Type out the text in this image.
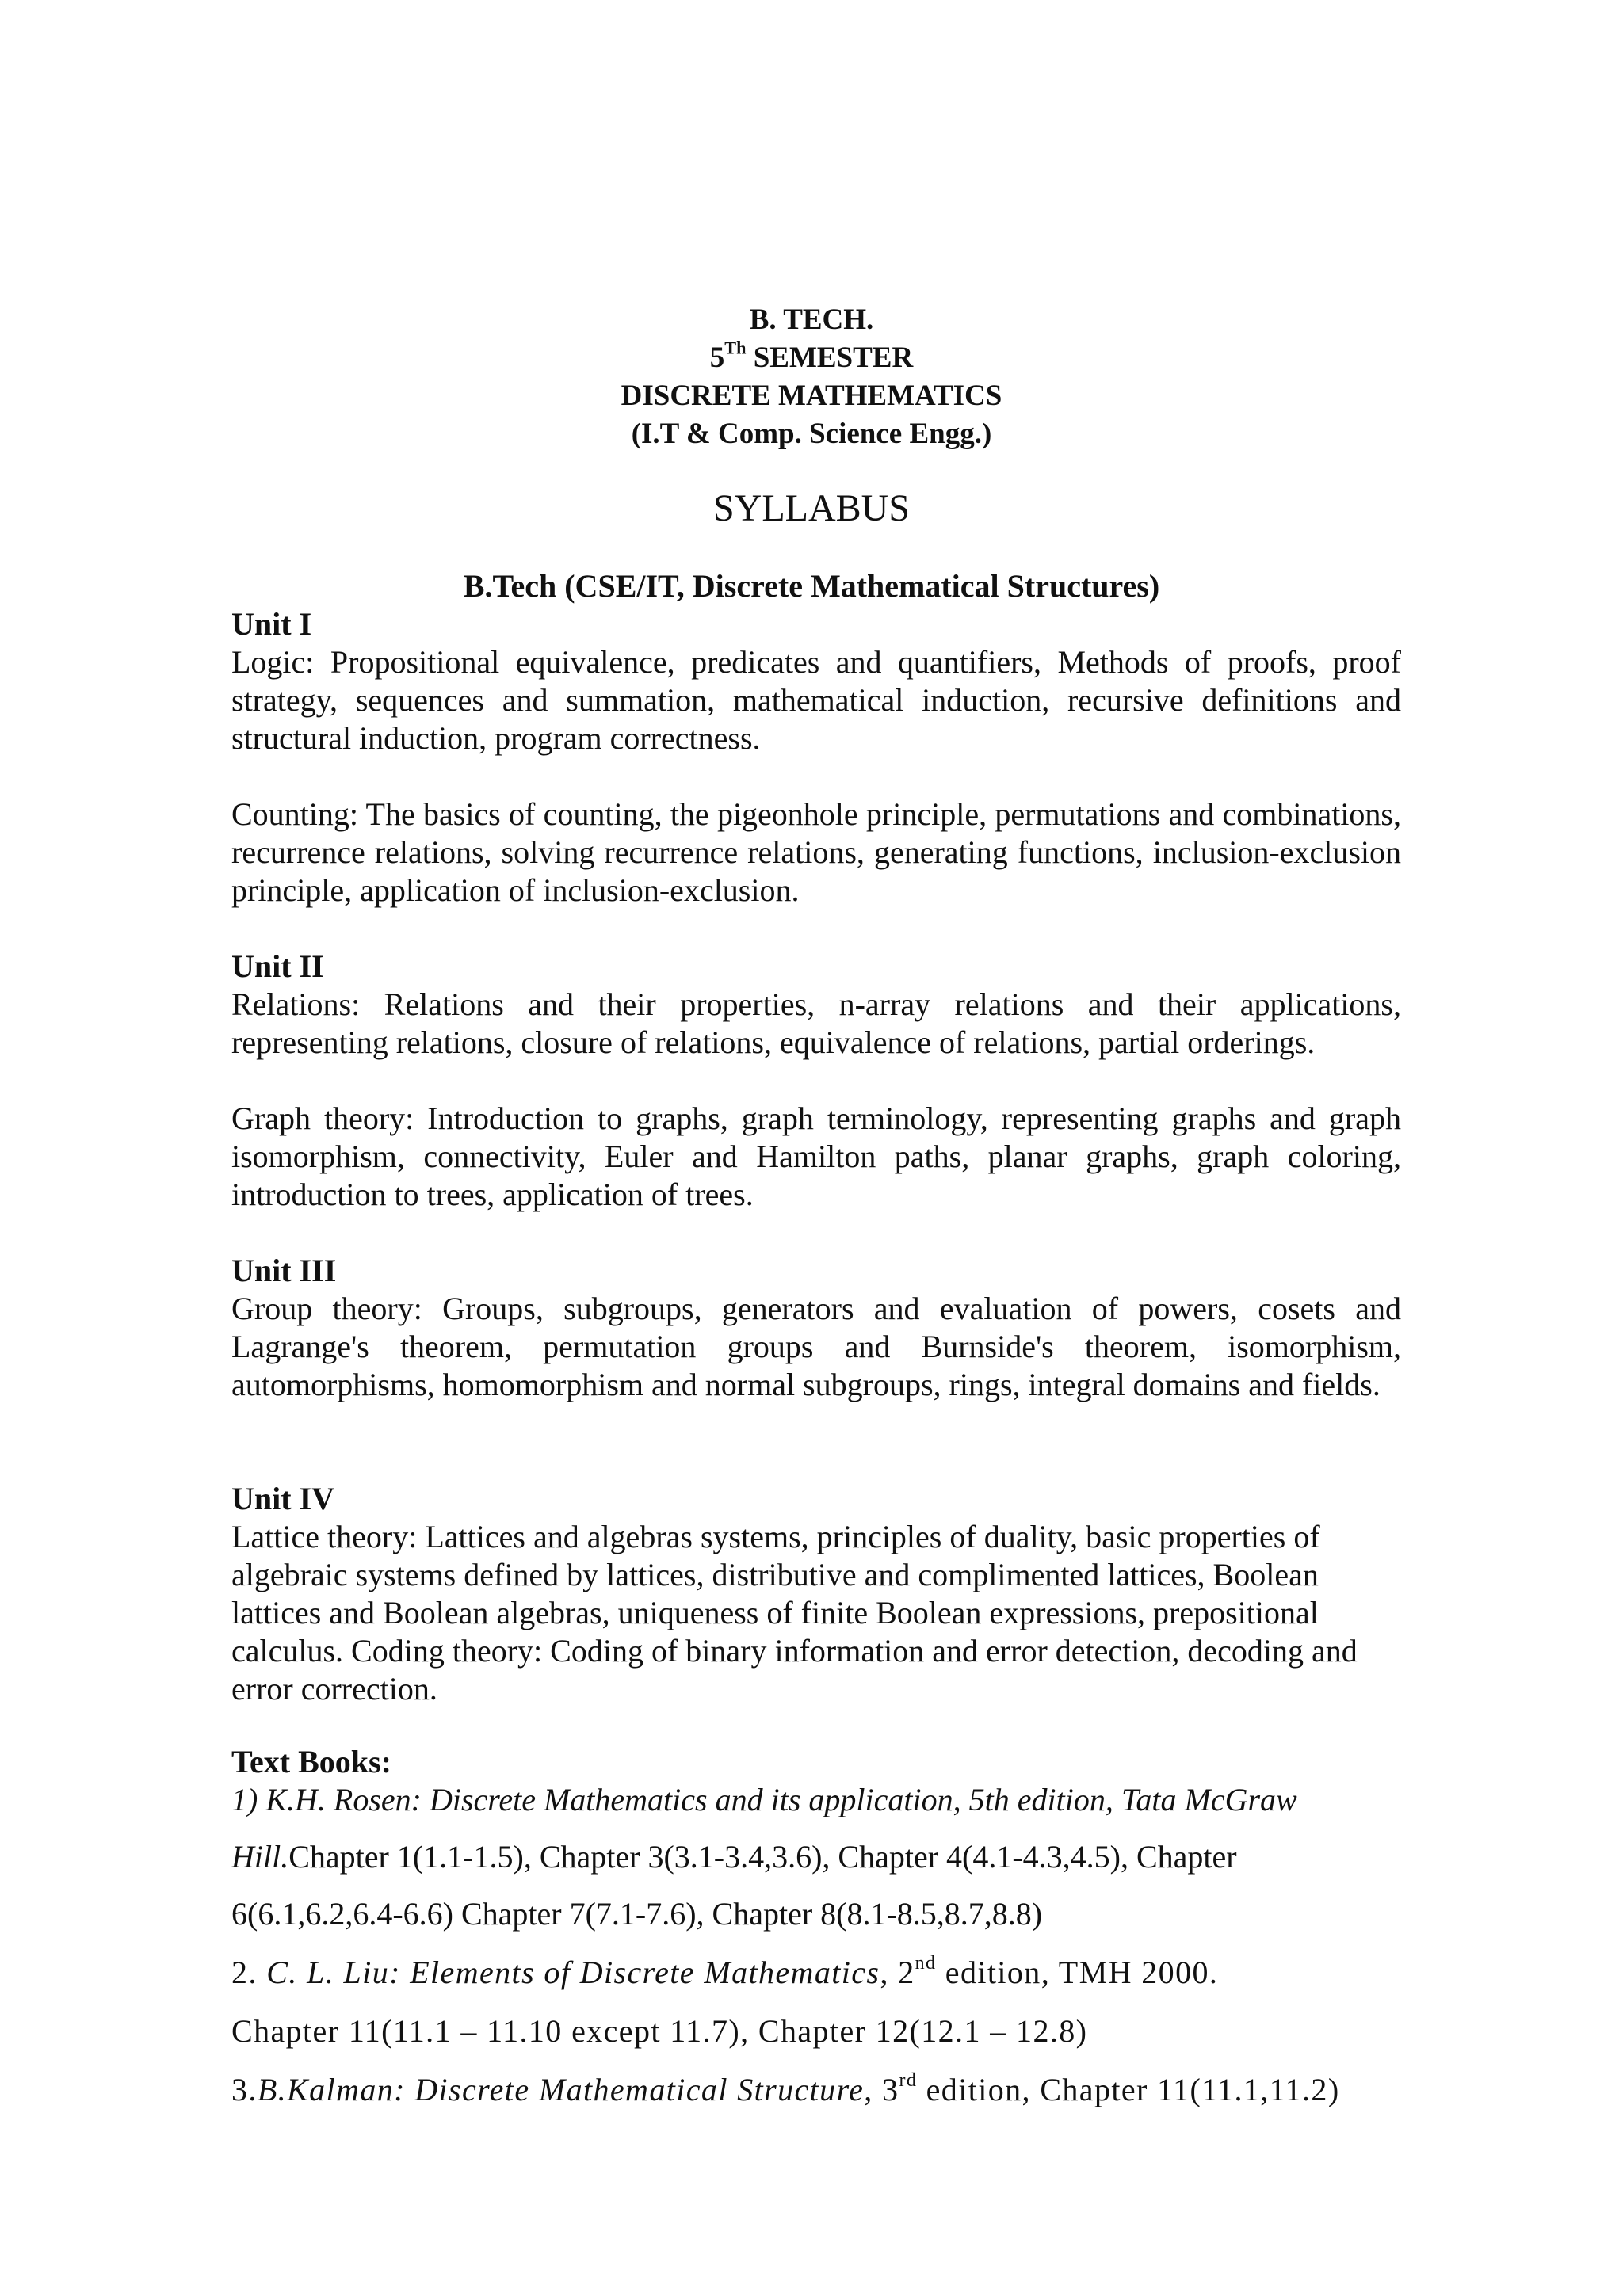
B. TECH.
5Th SEMESTER
DISCRETE MATHEMATICS
(I.T & Comp. Science Engg.)
SYLLABUS
B.Tech (CSE/IT, Discrete Mathematical Structures)
Unit I

Logic: Propositional equivalence, predicates and quantifiers, Methods of proofs, proof strategy, sequences and summation, mathematical induction, recursive definitions and structural induction, program correctness.

Counting: The basics of counting, the pigeonhole principle, permutations and combinations, recurrence relations, solving recurrence relations, generating functions, inclusion-exclusion principle, application of inclusion-exclusion.

Unit II

Relations: Relations and their properties, n-array relations and their applications, representing relations, closure of relations, equivalence of relations, partial orderings.

Graph theory: Introduction to graphs, graph terminology, representing graphs and graph isomorphism, connectivity, Euler and Hamilton paths, planar graphs, graph coloring, introduction to trees, application of trees.

Unit III

Group theory: Groups, subgroups, generators and evaluation of powers, cosets and Lagrange's theorem, permutation groups and Burnside's theorem, isomorphism, automorphisms, homomorphism and normal subgroups, rings, integral domains and fields.

Unit IV
Lattice theory: Lattices and algebras systems, principles of duality, basic properties of
algebraic systems defined by lattices, distributive and complimented lattices, Boolean
lattices and Boolean algebras, uniqueness of finite Boolean expressions, prepositional
calculus. Coding theory: Coding of binary information and error detection, decoding and
error correction.
Text Books:
1) K.H. Rosen: Discrete Mathematics and its application, 5th edition, Tata McGraw
Hill.Chapter 1(1.1-1.5), Chapter 3(3.1-3.4,3.6), Chapter 4(4.1-4.3,4.5), Chapter
6(6.1,6.2,6.4-6.6) Chapter 7(7.1-7.6), Chapter 8(8.1-8.5,8.7,8.8)
2. C. L. Liu: Elements of Discrete Mathematics, 2nd edition, TMH 2000.
Chapter 11(11.1 – 11.10 except 11.7), Chapter 12(12.1 – 12.8)
3.B.Kalman: Discrete Mathematical Structure, 3rd edition, Chapter 11(11.1,11.2)
